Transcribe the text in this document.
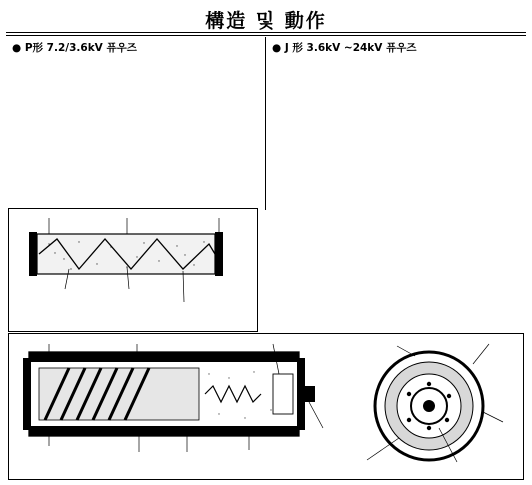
構造 및 動作
● P形 7.2/3.6kV 퓨우즈	● J 形 3.6kV ~24kV 퓨우즈
